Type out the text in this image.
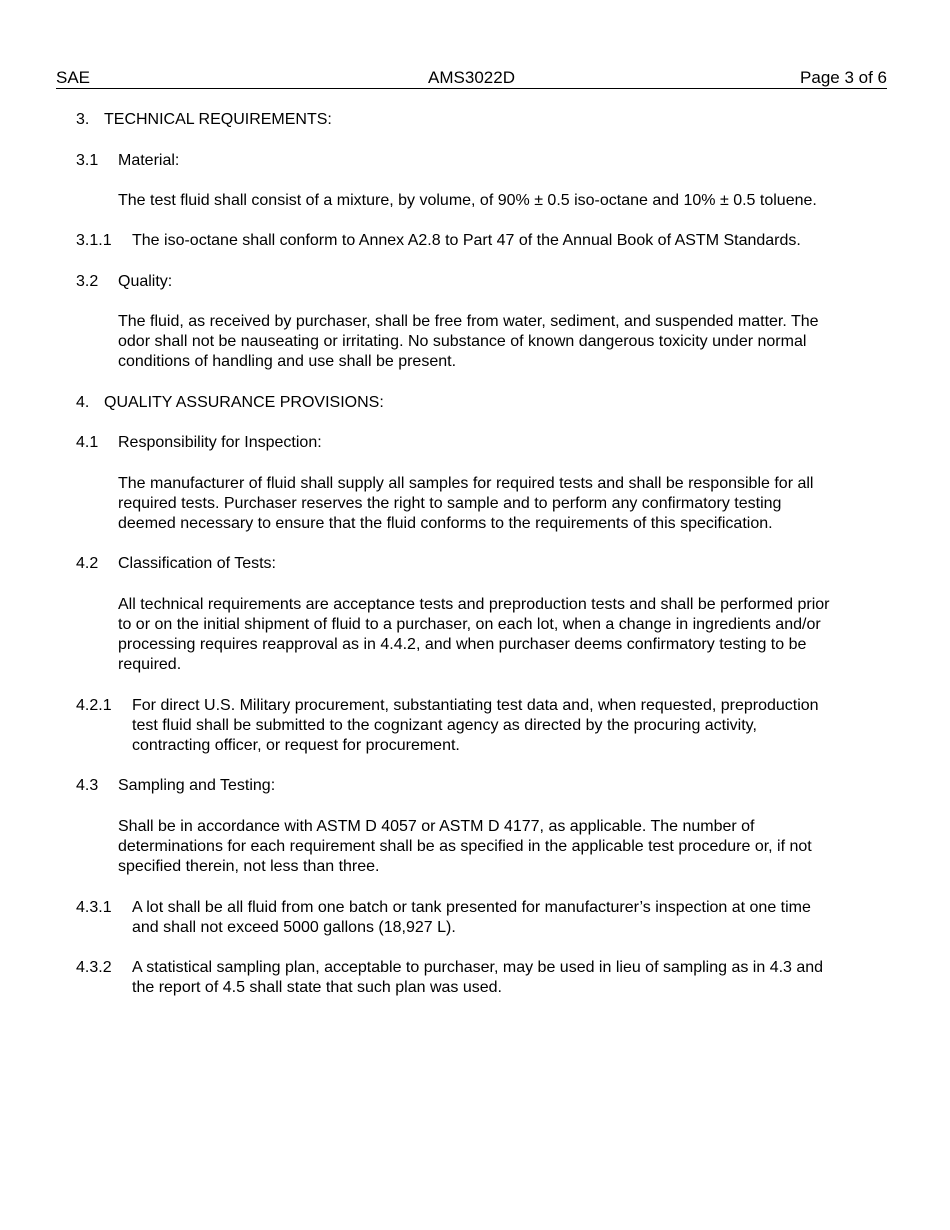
SAE	AMS3022D	Page 3 of 6
3. TECHNICAL REQUIREMENTS:
3.1 Material:
The test fluid shall consist of a mixture, by volume, of 90% ± 0.5 iso-octane and 10% ± 0.5 toluene.
3.1.1 The iso-octane shall conform to Annex A2.8 to Part 47 of the Annual Book of ASTM Standards.
3.2 Quality:
The fluid, as received by purchaser, shall be free from water, sediment, and suspended matter. The
odor shall not be nauseating or irritating. No substance of known dangerous toxicity under normal
conditions of handling and use shall be present.
4. QUALITY ASSURANCE PROVISIONS:
4.1 Responsibility for Inspection:
The manufacturer of fluid shall supply all samples for required tests and shall be responsible for all
required tests. Purchaser reserves the right to sample and to perform any confirmatory testing
deemed necessary to ensure that the fluid conforms to the requirements of this specification.
4.2 Classification of Tests:
All technical requirements are acceptance tests and preproduction tests and shall be performed prior
to or on the initial shipment of fluid to a purchaser, on each lot, when a change in ingredients and/or
processing requires reapproval as in 4.4.2, and when purchaser deems confirmatory testing to be
required.
4.2.1 For direct U.S. Military procurement, substantiating test data and, when requested, preproduction
test fluid shall be submitted to the cognizant agency as directed by the procuring activity,
contracting officer, or request for procurement.
4.3 Sampling and Testing:
Shall be in accordance with ASTM D 4057 or ASTM D 4177, as applicable. The number of
determinations for each requirement shall be as specified in the applicable test procedure or, if not
specified therein, not less than three.
4.3.1 A lot shall be all fluid from one batch or tank presented for manufacturer’s inspection at one time
and shall not exceed 5000 gallons (18,927 L).
4.3.2 A statistical sampling plan, acceptable to purchaser, may be used in lieu of sampling as in 4.3 and
the report of 4.5 shall state that such plan was used.
